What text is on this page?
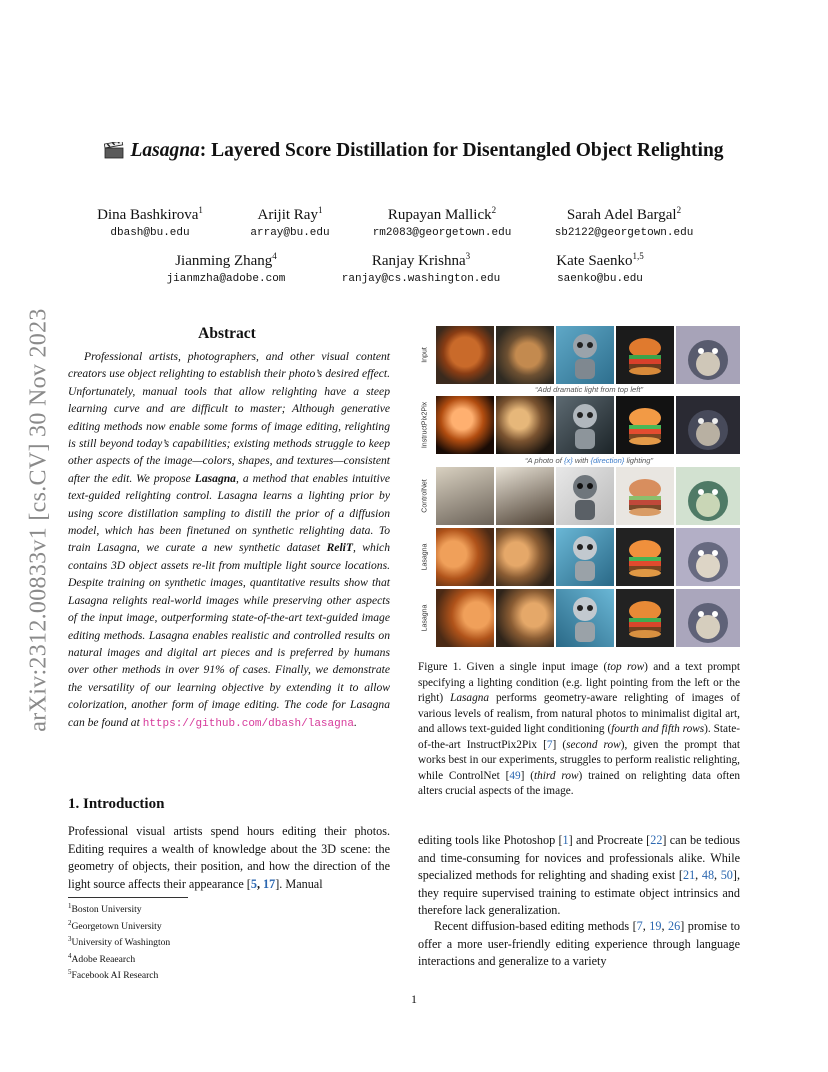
arXiv:2312.00833v1 [cs.CV] 30 Nov 2023
Lasagna: Layered Score Distillation for Disentangled Object Relighting
Dina Bashkirova$^1$
dbash@bu.edu
Arijit Ray$^1$
array@bu.edu
Rupayan Mallick$^2$
rm2083@georgetown.edu
Sarah Adel Bargal$^2$
sb2122@georgetown.edu
Jianming Zhang$^4$
jianmzha@adobe.com
Ranjay Krishna$^3$
ranjay@cs.washington.edu
Kate Saenko$^{1,5}$
saenko@bu.edu
Abstract

Professional artists, photographers, and other visual content creators use object relighting to establish their photo’s desired effect. Unfortunately, manual tools that allow relighting have a steep learning curve and are difficult to master; Although generative editing methods now enable some forms of image editing, relighting is still beyond today’s capabilities; existing methods struggle to keep other aspects of the image—colors, shapes, and textures—consistent after the edit. We propose Lasagna, a method that enables intuitive text-guided relighting control. Lasagna learns a lighting prior by using score distillation sampling to distill the prior of a diffusion model, which has been finetuned on synthetic relighting data. To train Lasagna, we curate a new synthetic dataset ReliT, which contains 3D object assets re-lit from multiple light source locations. Despite training on synthetic images, quantitative results show that Lasagna relights real-world images while preserving other aspects of the input image, outperforming state-of-the-art text-guided image editing methods. Lasagna enables realistic and controlled results on natural images and digital art pieces and is preferred by humans over other methods in over 91% of cases. Finally, we demonstrate the versatility of our learning objective by extending it to allow colorization, another form of image editing. The code for Lasagna can be found at https://github.com/dbash/lasagna.

1. Introduction

Professional visual artists spend hours editing their photos. Editing requires a wealth of knowledge about the 3D scene: the geometry of objects, their position, and how the direction of the light source affects their appearance [5, 17]. Manual

$^1$Boston University
$^2$Georgetown University
$^3$University of Washington
$^4$Adobe Reaearch
$^5$Facebook AI Research
Input
“Add dramatic light from top left”
InstructPix2Pix
“A photo of {x} with {direction} lighting”
ControlNet
Lasagna
Lasagna

Figure 1. Given a single input image (top row) and a text prompt specifying a lighting condition (e.g. light pointing from the left or the right) Lasagna performs geometry-aware relighting of images of various levels of realism, from natural photos to minimalist digital art, and allows text-guided light conditioning (fourth and fifth rows). State-of-the-art InstructPix2Pix [7] (second row), given the prompt that works best in our experiments, struggles to perform realistic relighting, while ControlNet [49] (third row) trained on relighting data often alters crucial aspects of the image.

editing tools like Photoshop [1] and Procreate [22] can be tedious and time-consuming for novices and professionals alike. While specialized methods for relighting and shading exist [21, 48, 50], they require supervised training to estimate object intrinsics and therefore lack generalization.

Recent diffusion-based editing methods [7, 19, 26] promise to offer a more user-friendly editing experience through language interactions and generalize to a variety

1
